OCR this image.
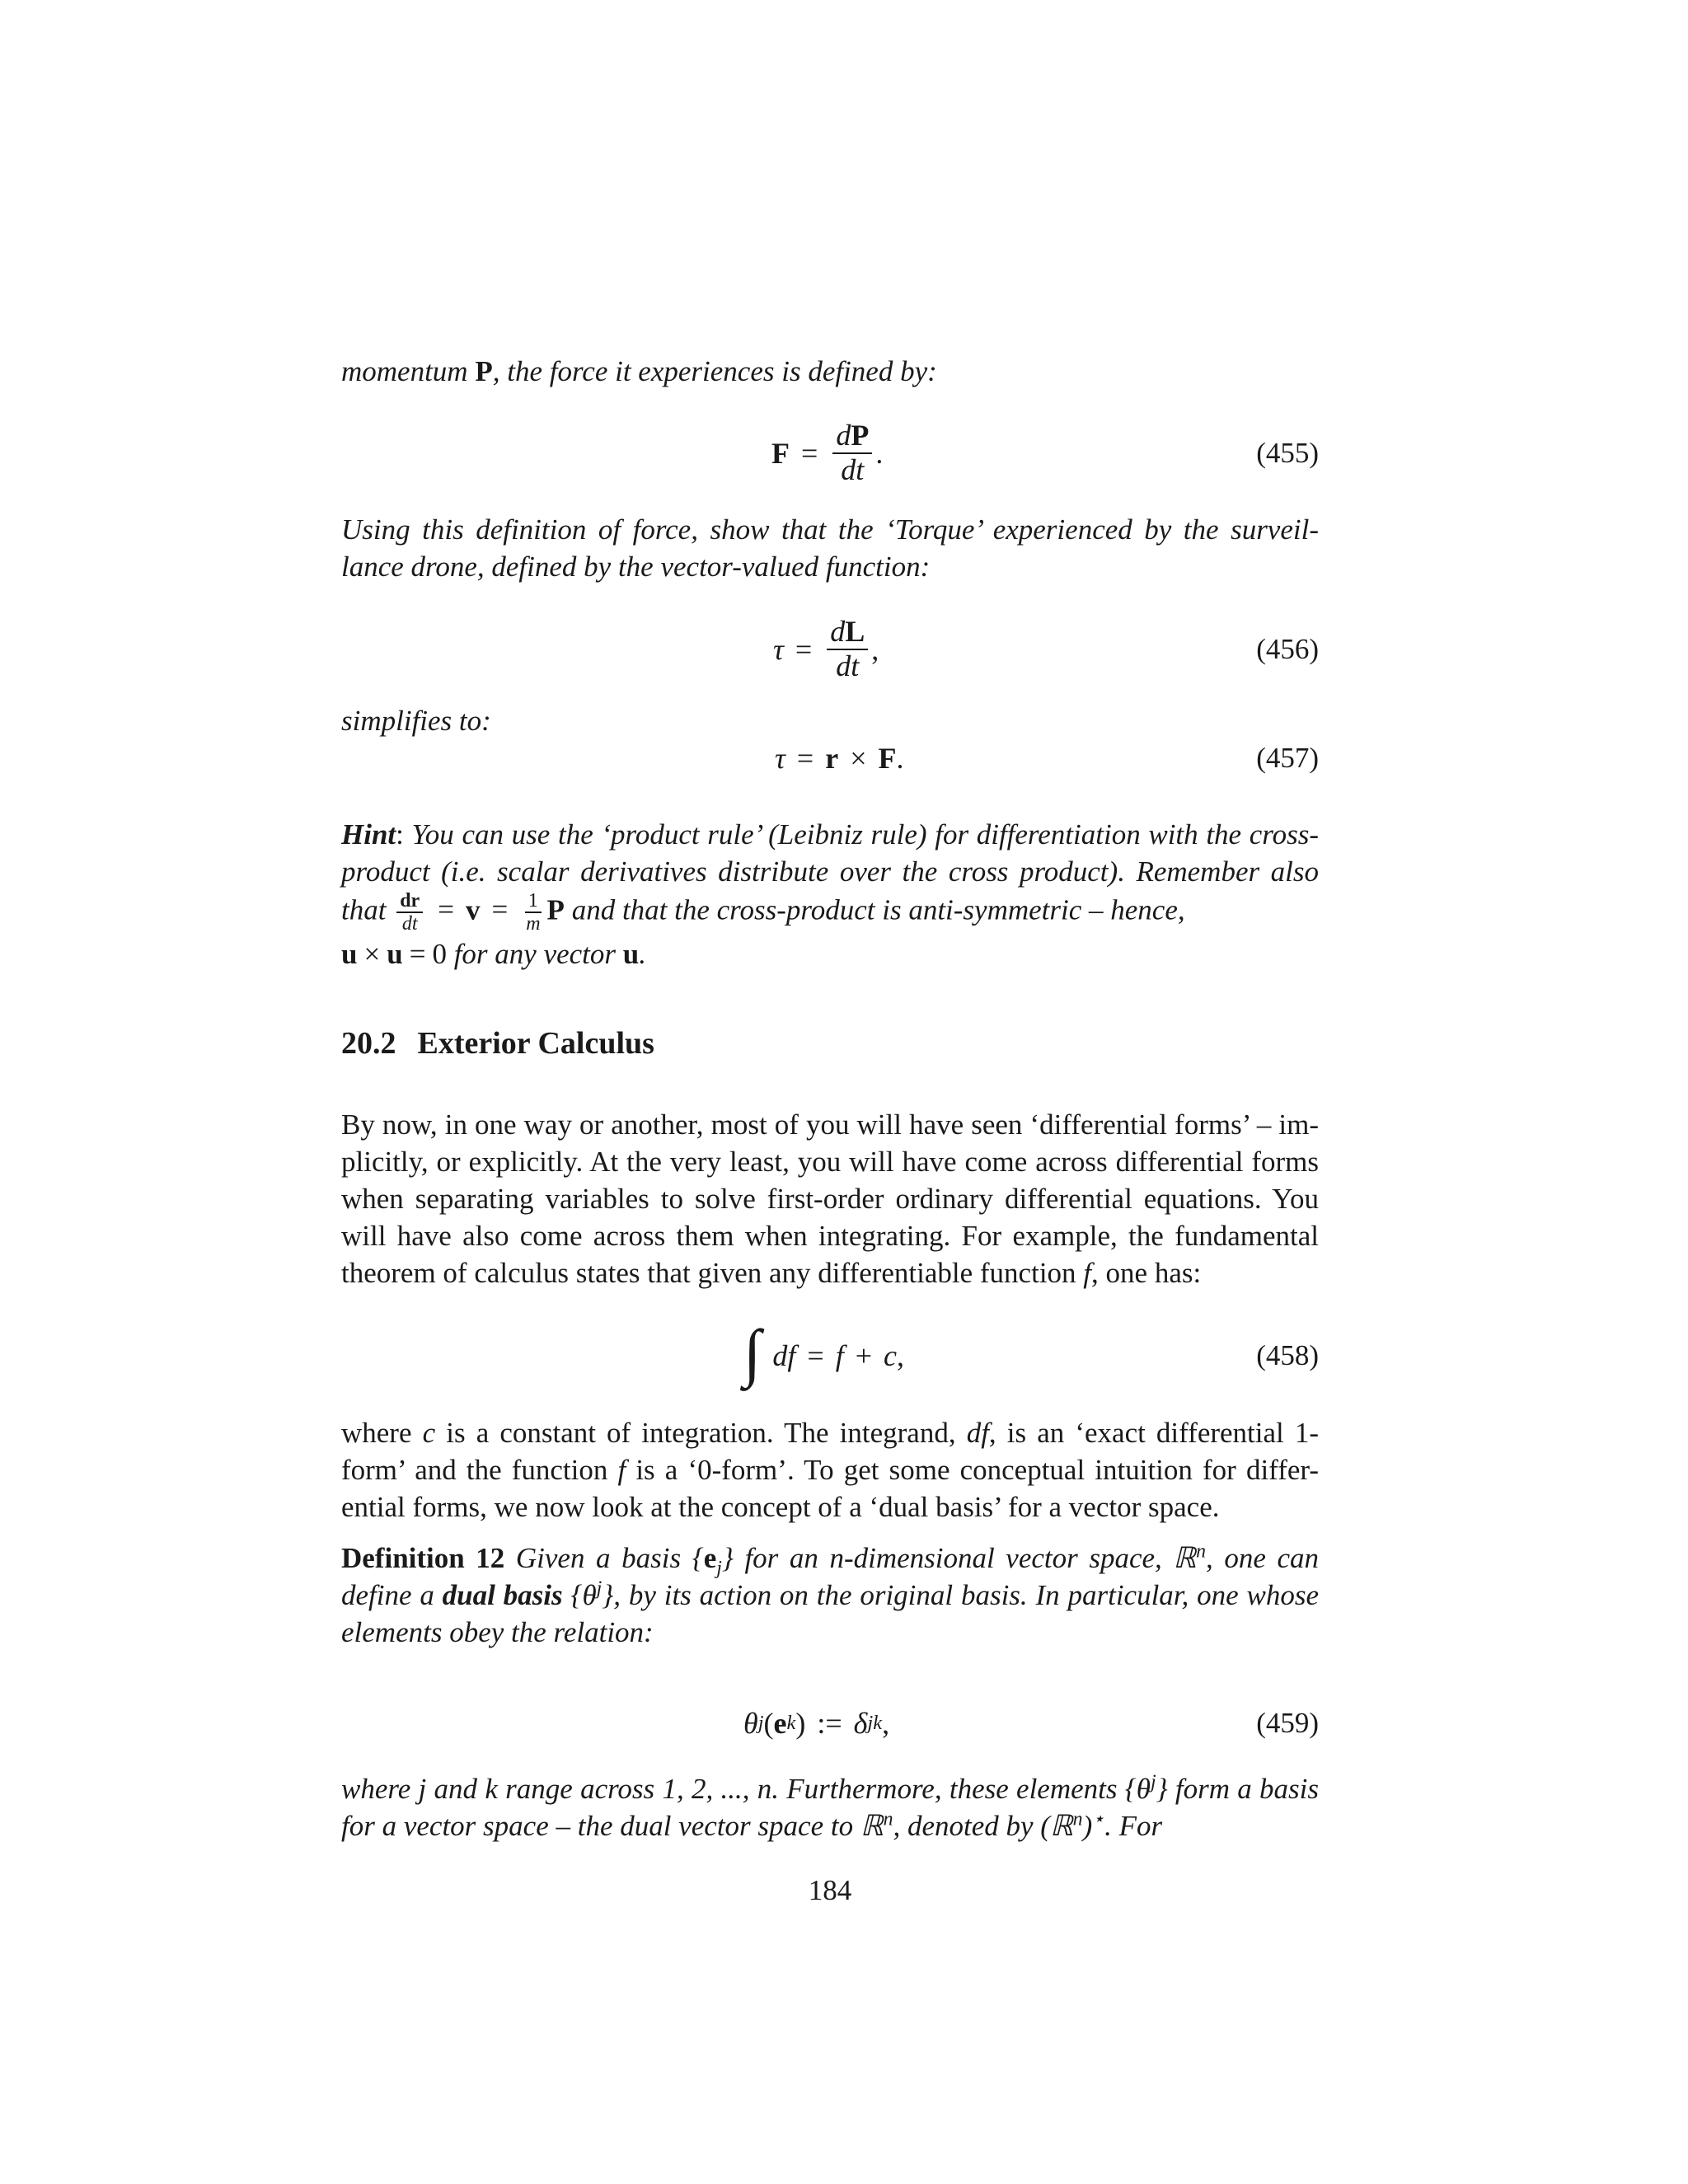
momentum P, the force it experiences is defined by:

$F = \frac{dP}{dt}$ .	(455)

Using this definition of force, show that the ‘Torque’ experienced by the surveil-lance drone, defined by the vector-valued function:

$\tau = \frac{dL}{dt}$ ,	(456)

simplifies to:

τ = r × F .	(457)

Hint: You can use the ‘product rule’ (Leibniz rule) for differentiation with the cross-product (i.e. scalar derivatives distribute over the cross product). Remember also that $\frac{dr}{dt} = v = \frac{1}{m}$ P and that the cross-product is anti-symmetric – hence,
u × u = 0 for any vector u.

20.2 Exterior Calculus

By now, in one way or another, most of you will have seen ‘differential forms’ – im-plicitly, or explicitly. At the very least, you will have come across differential forms when separating variables to solve first-order ordinary differential equations. You will have also come across them when integrating. For example, the fundamental theorem of calculus states that given any differentiable function f, one has:

∫ df = f + c ,	(458)

where c is a constant of integration. The integrand, df, is an ‘exact differential 1-form’ and the function f is a ‘0-form’. To get some conceptual intuition for differ-ential forms, we now look at the concept of a ‘dual basis’ for a vector space.

Definition 12 Given a basis $\{e_j\}$ for an n-dimensional vector space, ℝ$^n$, one can define a dual basis $\{\theta^j\}$, by its action on the original basis. In particular, one whose elements obey the relation:

θ j ( e k ) := δ j k ,	(459)

where j and k range across 1, 2, ..., n. Furthermore, these elements $\{\theta^j\}$ form a basis for a vector space – the dual vector space to ℝ$^n$, denoted by (ℝ$^n$)⋆. For

184
